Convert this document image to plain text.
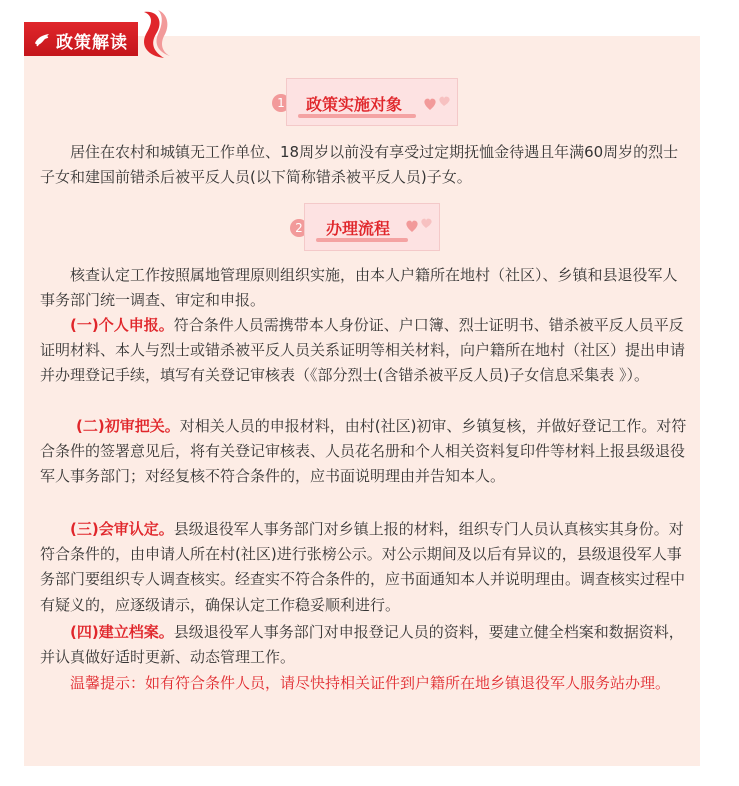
政策解读
1	政策实施对象

居住在农村和城镇无工作单位、18周岁以前没有享受过定期抚恤金待遇且年满60周岁的烈士子女和建国前错杀后被平反人员(以下简称错杀被平反人员)子女。

2	办理流程

核查认定工作按照属地管理原则组织实施，由本人户籍所在地村（社区）、乡镇和县退役军人事务部门统一调查、审定和申报。

(一)个人申报。符合条件人员需携带本人身份证、户口簿、烈士证明书、错杀被平反人员平反证明材料、本人与烈士或错杀被平反人员关系证明等相关材料，向户籍所在地村（社区）提出申请并办理登记手续，填写有关登记审核表（《部分烈士(含错杀被平反人员)子女信息采集表 》）。

(二)初审把关。对相关人员的申报材料，由村(社区)初审、乡镇复核，并做好登记工作。对符合条件的签署意见后，将有关登记审核表、人员花名册和个人相关资料复印件等材料上报县级退役军人事务部门；对经复核不符合条件的，应书面说明理由并告知本人。

(三)会审认定。县级退役军人事务部门对乡镇上报的材料，组织专门人员认真核实其身份。对符合条件的，由申请人所在村(社区)进行张榜公示。对公示期间及以后有异议的，县级退役军人事务部门要组织专人调查核实。经查实不符合条件的，应书面通知本人并说明理由。调查核实过程中有疑义的，应逐级请示，确保认定工作稳妥顺利进行。

(四)建立档案。县级退役军人事务部门对申报登记人员的资料，要建立健全档案和数据资料，并认真做好适时更新、动态管理工作。

温馨提示：如有符合条件人员，请尽快持相关证件到户籍所在地乡镇退役军人服务站办理。
